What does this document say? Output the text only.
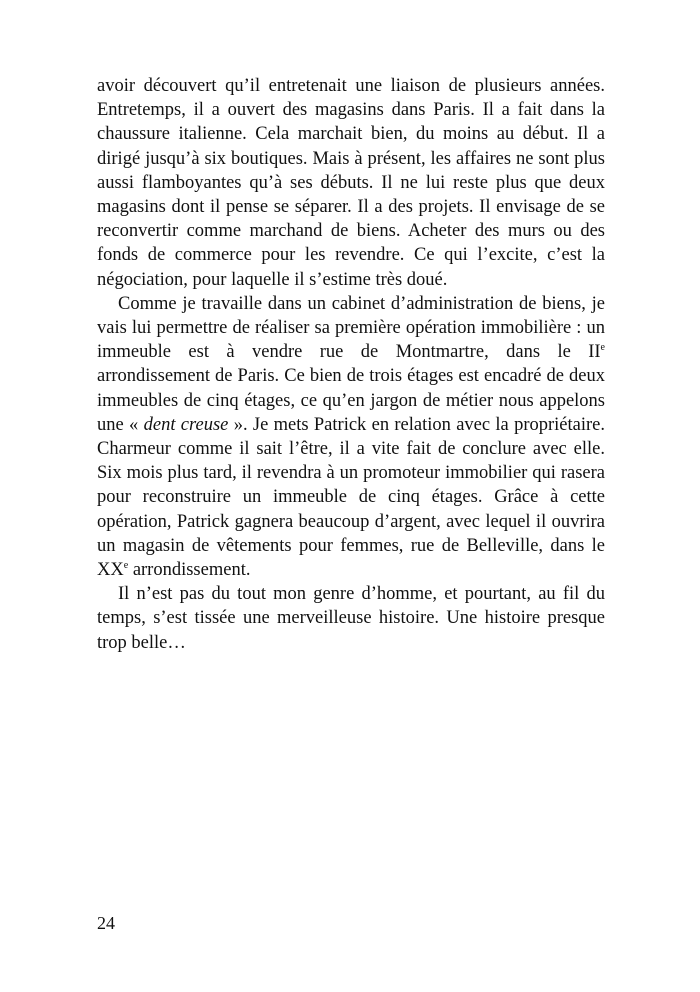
avoir découvert qu’il entretenait une liaison de plusieurs années. Entretemps, il a ouvert des magasins dans Paris. Il a fait dans la chaussure italienne. Cela marchait bien, du moins au début. Il a dirigé jusqu’à six boutiques. Mais à présent, les affaires ne sont plus aussi flamboyantes qu’à ses débuts. Il ne lui reste plus que deux magasins dont il pense se séparer. Il a des projets. Il envisage de se reconvertir comme marchand de biens. Acheter des murs ou des fonds de commerce pour les revendre. Ce qui l’excite, c’est la négociation, pour laquelle il s’estime très doué.

Comme je travaille dans un cabinet d’administration de biens, je vais lui permettre de réaliser sa première opération immobilière : un immeuble est à vendre rue de Montmartre, dans le IIe arrondissement de Paris. Ce bien de trois étages est encadré de deux immeubles de cinq étages, ce qu’en jargon de métier nous appelons une « dent creuse ». Je mets Patrick en relation avec la propriétaire. Charmeur comme il sait l’être, il a vite fait de conclure avec elle. Six mois plus tard, il revendra à un promoteur immobilier qui rasera pour reconstruire un immeuble de cinq étages. Grâce à cette opération, Patrick gagnera beaucoup d’argent, avec lequel il ouvrira un magasin de vêtements pour femmes, rue de Belleville, dans le XXe arrondissement.

Il n’est pas du tout mon genre d’homme, et pourtant, au fil du temps, s’est tissée une merveilleuse histoire. Une histoire presque trop belle…

24
